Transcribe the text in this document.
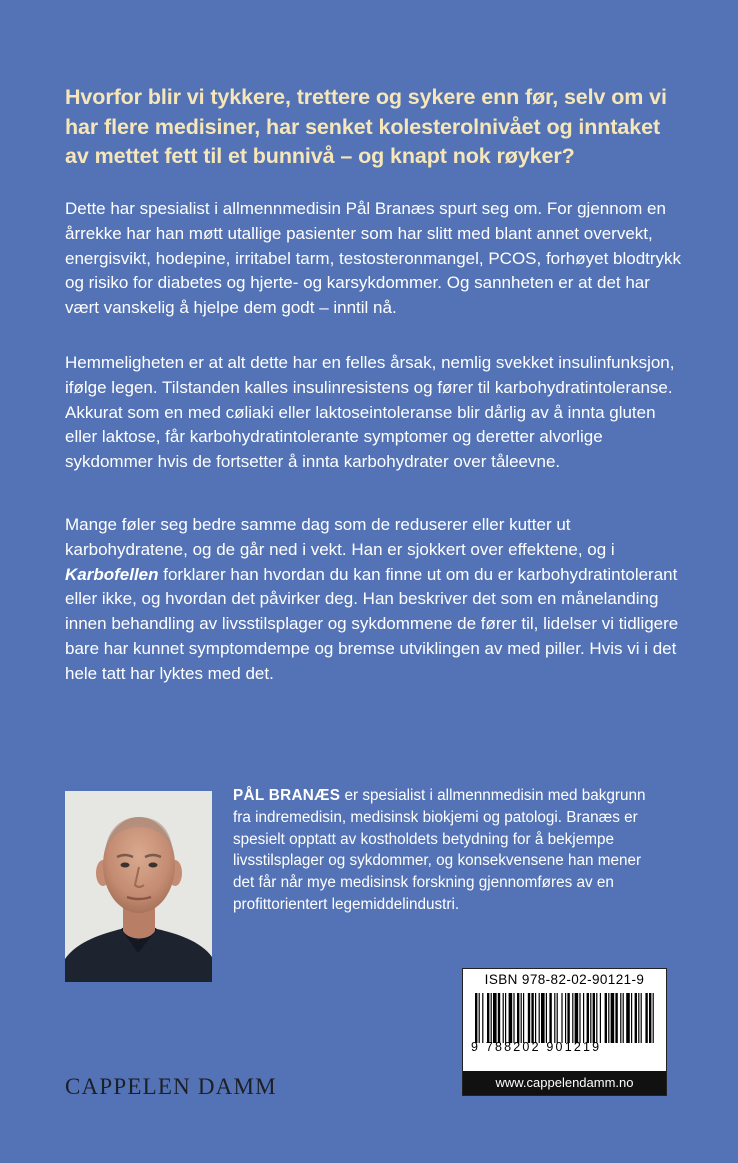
Hvorfor blir vi tykkere, trettere og sykere enn før, selv om vi har flere medisiner, har senket kolesterolnivået og inntaket av mettet fett til et bunnivå – og knapt nok røyker?
Dette har spesialist i allmennmedisin Pål Branæs spurt seg om. For gjennom en årrekke har han møtt utallige pasienter som har slitt med blant annet overvekt, energisvikt, hodepine, irritabel tarm, testosteronmangel, PCOS, forhøyet blodtrykk og risiko for diabetes og hjerte- og karsykdommer. Og sannheten er at det har vært vanskelig å hjelpe dem godt – inntil nå.
Hemmeligheten er at alt dette har en felles årsak, nemlig svekket insulinfunksjon, ifølge legen. Tilstanden kalles insulinresistens og fører til karbohydratintoleranse. Akkurat som en med cøliaki eller laktoseintoleranse blir dårlig av å innta gluten eller laktose, får karbohydratintolerante symptomer og deretter alvorlige sykdommer hvis de fortsetter å innta karbohydrater over tåleevne.
Mange føler seg bedre samme dag som de reduserer eller kutter ut karbohydratene, og de går ned i vekt. Han er sjokkert over effektene, og i Karbofellen forklarer han hvordan du kan finne ut om du er karbohydratintolerant eller ikke, og hvordan det påvirker deg. Han beskriver det som en månelanding innen behandling av livsstilsplager og sykdommene de fører til, lidelser vi tidligere bare har kunnet symptomdempe og bremse utviklingen av med piller. Hvis vi i det hele tatt har lyktes med det.
PÅL BRANÆS er spesialist i allmennmedisin med bakgrunn fra indremedisin, medisinsk biokjemi og patologi. Branæs er spesielt opptatt av kostholdets betydning for å bekjempe livsstilsplager og sykdommer, og konsekvensene han mener det får når mye medisinsk forskning gjennomføres av en profittorientert legemiddelindustri.
CAPPELEN DAMM
ISBN 978-82-02-90121-9
9 788202 901219
www.cappelendamm.no
